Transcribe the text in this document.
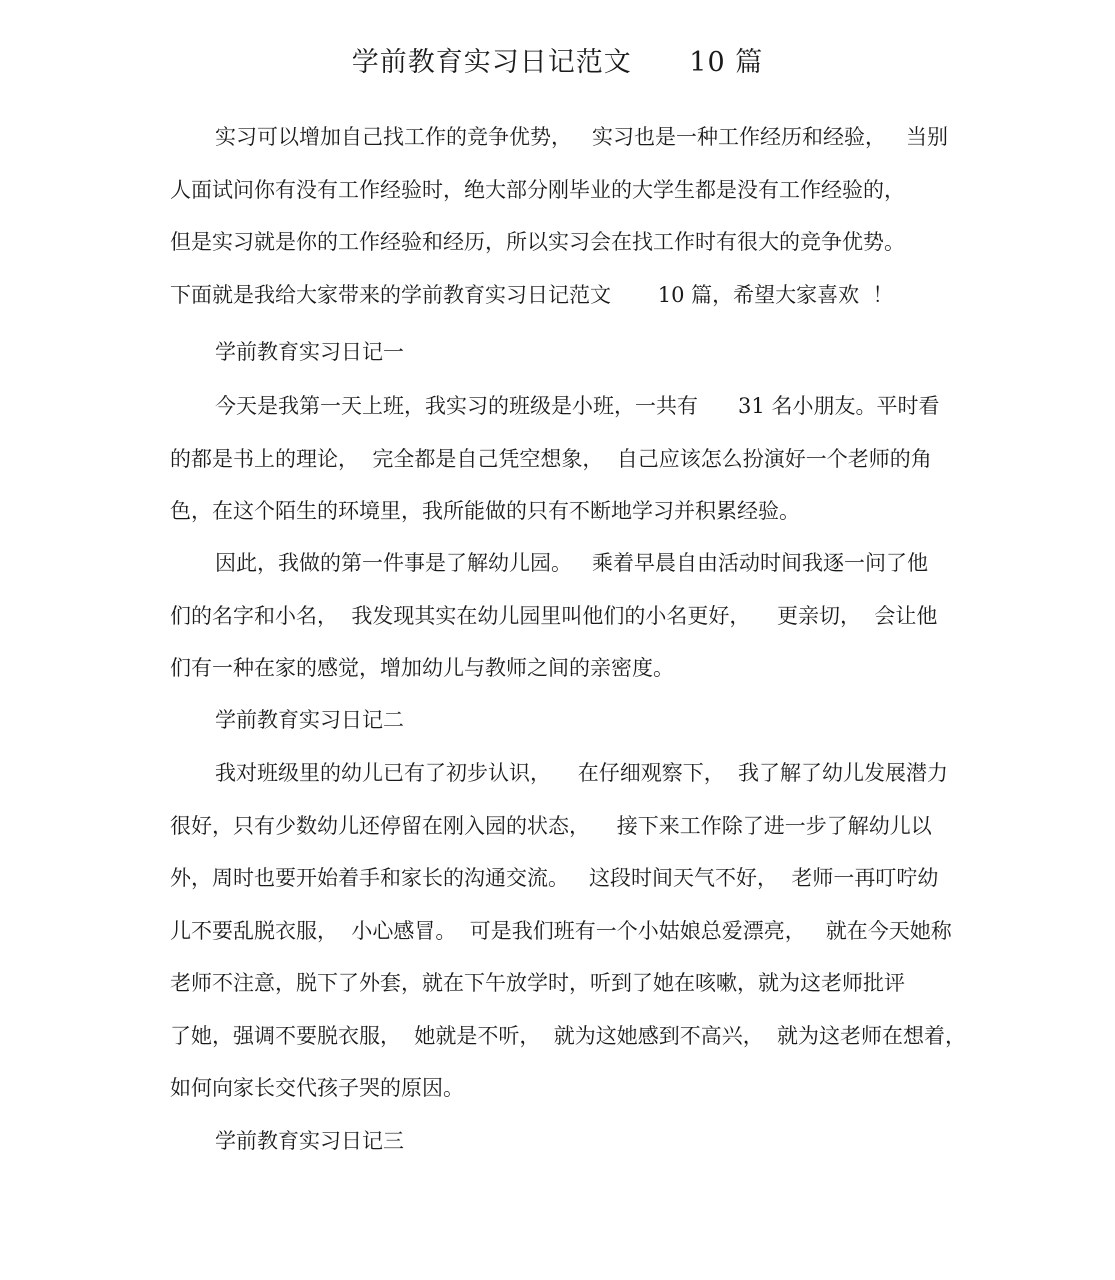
学前教育实习日记范文      10 篇
实习可以增加自己找工作的竞争优势，   实习也是一种工作经历和经验，   当别
人面试问你有没有工作经验时，绝大部分刚毕业的大学生都是没有工作经验的，
但是实习就是你的工作经验和经历，所以实习会在找工作时有很大的竞争优势。
下面就是我给大家带来的学前教育实习日记范文       10 篇，希望大家喜欢  ！
学前教育实习日记一
今天是我第一天上班，我实习的班级是小班，一共有      31 名小朋友。平时看
的都是书上的理论，  完全都是自己凭空想象，  自己应该怎么扮演好一个老师的角
色，在这个陌生的环境里，我所能做的只有不断地学习并积累经验。
因此，我做的第一件事是了解幼儿园。   乘着早晨自由活动时间我逐一问了他
们的名字和小名，  我发现其实在幼儿园里叫他们的小名更好，    更亲切，  会让他
们有一种在家的感觉，增加幼儿与教师之间的亲密度。
学前教育实习日记二
我对班级里的幼儿已有了初步认识，    在仔细观察下，  我了解了幼儿发展潜力
很好，只有少数幼儿还停留在刚入园的状态，    接下来工作除了进一步了解幼儿以
外，周时也要开始着手和家长的沟通交流。   这段时间天气不好，  老师一再叮咛幼
儿不要乱脱衣服，  小心感冒。  可是我们班有一个小姑娘总爱漂亮，   就在今天她称
老师不注意，脱下了外套，就在下午放学时，听到了她在咳嗽，就为这老师批评
了她，强调不要脱衣服，  她就是不听，  就为这她感到不高兴，  就为这老师在想着，
如何向家长交代孩子哭的原因。
学前教育实习日记三
